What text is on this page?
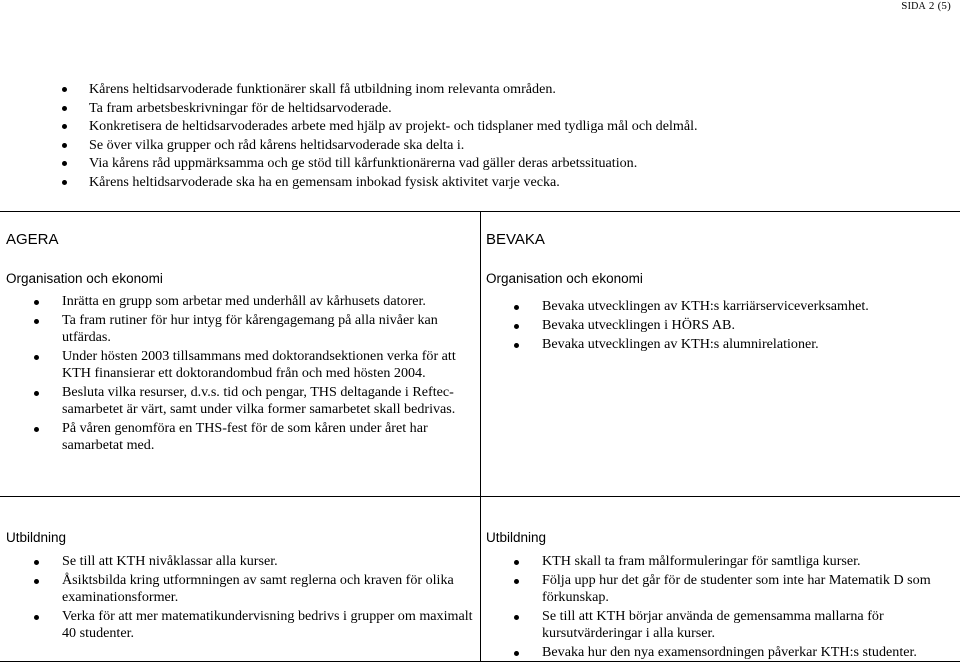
SIDA 2 (5)
Kårens heltidsarvoderade funktionärer skall få utbildning inom relevanta områden.
Ta fram arbetsbeskrivningar för de heltidsarvoderade.
Konkretisera de heltidsarvoderades arbete med hjälp av projekt- och tidsplaner med tydliga mål och delmål.
Se över vilka grupper och råd kårens heltidsarvoderade ska delta i.
Via kårens råd uppmärksamma och ge stöd till kårfunktionärerna vad gäller deras arbetssituation.
Kårens heltidsarvoderade ska ha en gemensam inbokad fysisk aktivitet varje vecka.
AGERA
Organisation och ekonomi
Inrätta en grupp som arbetar med underhåll av kårhusets datorer.
Ta fram rutiner för hur intyg för kårengagemang på alla nivåer kan utfärdas.
Under hösten 2003 tillsammans med doktorandsektionen verka för att KTH finansierar ett doktorandombud från och med hösten 2004.
Besluta vilka resurser, d.v.s. tid och pengar, THS deltagande i Reftec-samarbetet är värt, samt under vilka former samarbetet skall bedrivas.
På våren genomföra en THS-fest för de som kåren under året har samarbetat med.
Utbildning
Se till att KTH nivåklassar alla kurser.
Åsiktsbilda kring utformningen av samt reglerna och kraven för olika examinationsformer.
Verka för att mer matematikundervisning bedrivs i grupper om maximalt 40 studenter.
BEVAKA
Organisation och ekonomi
Bevaka utvecklingen av KTH:s karriärserviceverksamhet.
Bevaka utvecklingen i HÖRS AB.
Bevaka utvecklingen av KTH:s alumnirelationer.
Utbildning
KTH skall ta fram målformuleringar för samtliga kurser.
Följa upp hur det går för de studenter som inte har Matematik D som förkunskap.
Se till att KTH börjar använda de gemensamma mallarna för kursutvärderingar i alla kurser.
Bevaka hur den nya examensordningen påverkar KTH:s studenter.
